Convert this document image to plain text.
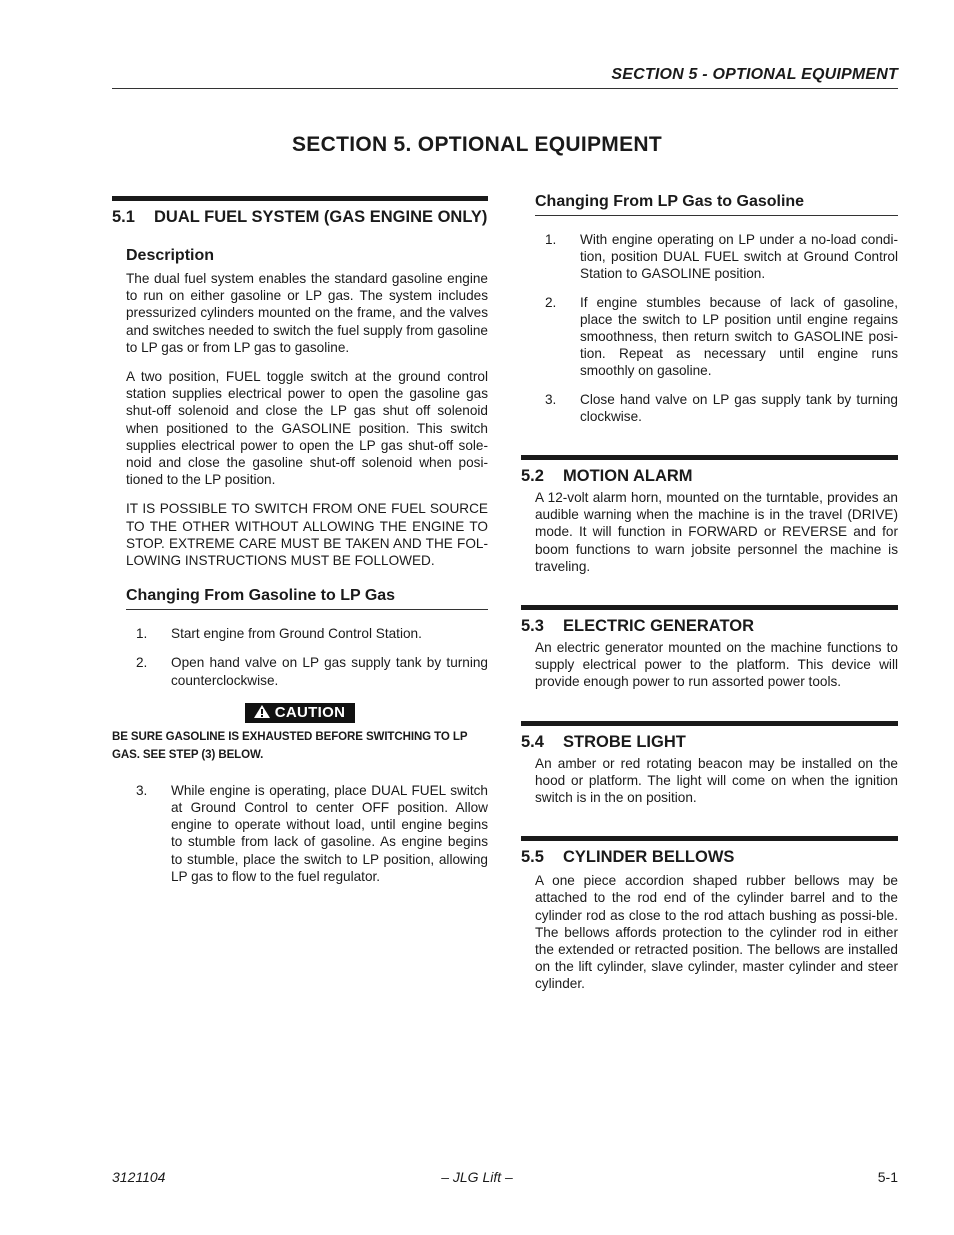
SECTION 5 - OPTIONAL EQUIPMENT
SECTION 5. OPTIONAL EQUIPMENT
5.1	DUAL FUEL SYSTEM (GAS ENGINE ONLY)
Description

The dual fuel system enables the standard gasoline engine to run on either gasoline or LP gas. The system includes pressurized cylinders mounted on the frame, and the valves and switches needed to switch the fuel supply from gasoline to LP gas or from LP gas to gasoline.

A two position, FUEL toggle switch at the ground control station supplies electrical power to open the gasoline gas shut-off solenoid and close the LP gas shut off solenoid when positioned to the GASOLINE position. This switch supplies electrical power to open the LP gas shut-off sole-noid and close the gasoline shut-off solenoid when posi-tioned to the LP position.

IT IS POSSIBLE TO SWITCH FROM ONE FUEL SOURCE TO THE OTHER WITHOUT ALLOWING THE ENGINE TO STOP. EXTREME CARE MUST BE TAKEN AND THE FOL-LOWING INSTRUCTIONS MUST BE FOLLOWED.

Changing From Gasoline to LP Gas
1.	Start engine from Ground Control Station.
2.	Open hand valve on LP gas supply tank by turning counterclockwise.
CAUTION
BE SURE GASOLINE IS EXHAUSTED BEFORE SWITCHING TO LP GAS. SEE STEP (3) BELOW.
3.	While engine is operating, place DUAL FUEL switch at Ground Control to center OFF position. Allow engine to operate without load, until engine begins to stumble from lack of gasoline. As engine begins to stumble, place the switch to LP position, allowing LP gas to flow to the fuel regulator.
Changing From LP Gas to Gasoline
1.	With engine operating on LP under a no-load condi-tion, position DUAL FUEL switch at Ground Control Station to GASOLINE position.
2.	If engine stumbles because of lack of gasoline, place the switch to LP position until engine regains smoothness, then return switch to GASOLINE posi-tion. Repeat as necessary until engine runs smoothly on gasoline.
3.	Close hand valve on LP gas supply tank by turning clockwise.
5.2	MOTION ALARM

A 12-volt alarm horn, mounted on the turntable, provides an audible warning when the machine is in the travel (DRIVE) mode. It will function in FORWARD or REVERSE and for boom functions to warn jobsite personnel the machine is traveling.

5.3	ELECTRIC GENERATOR

An electric generator mounted on the machine functions to supply electrical power to the platform. This device will provide enough power to run assorted power tools.

5.4	STROBE LIGHT

An amber or red rotating beacon may be installed on the hood or platform. The light will come on when the ignition switch is in the on position.

5.5	CYLINDER BELLOWS

A one piece accordion shaped rubber bellows may be attached to the rod end of the cylinder barrel and to the cylinder rod as close to the rod attach bushing as possi-ble. The bellows affords protection to the cylinder rod in either the extended or retracted position. The bellows are installed on the lift cylinder, slave cylinder, master cylinder and steer cylinder.

3121104	– JLG Lift –	5-1
